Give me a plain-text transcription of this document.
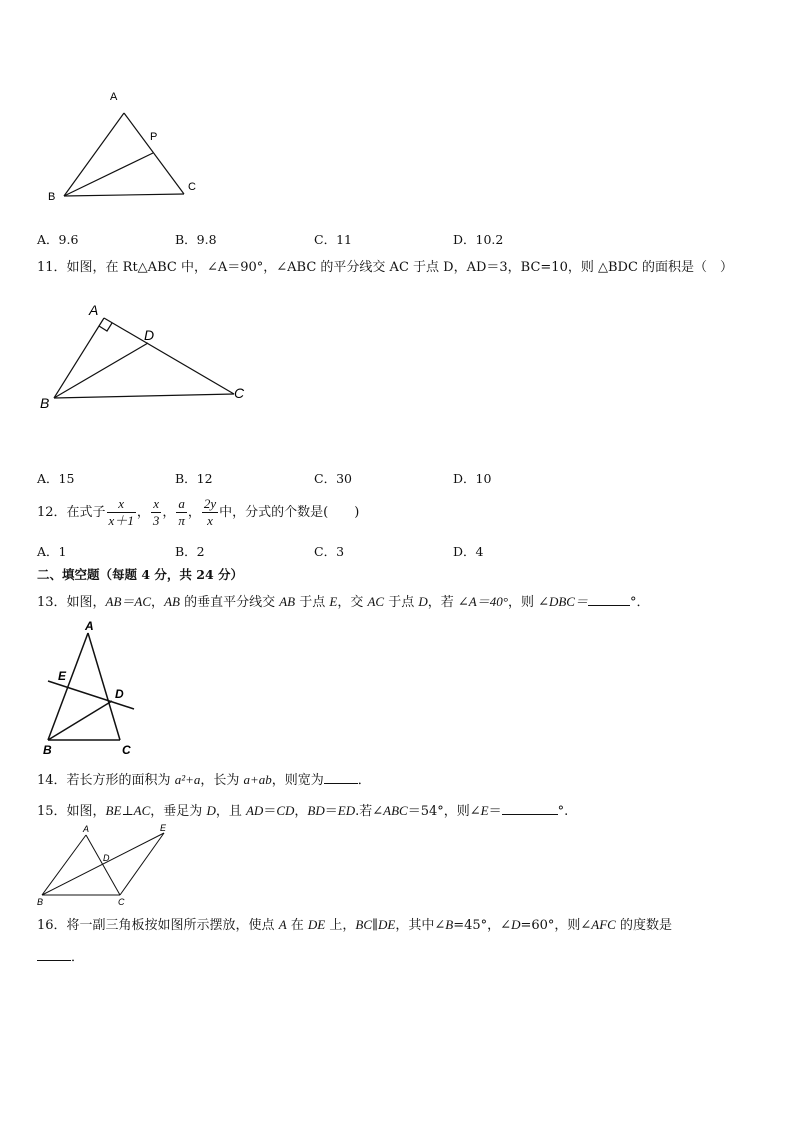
A
P
B
C
A．9.6	B．9.8	C．11	D．10.2
11．如图，在 Rt△ABC 中，∠A＝90°，∠ABC 的平分线交 AC 于点 D，AD＝3，BC=10，则 △BDC 的面积是（　）
A
D
B
C
A．15	B．12	C．30	D．10
12．在式子 $\frac{x}{x+1}$ ， $\frac{x}{3}$ ， $\frac{a}{\pi}$ ， $\frac{2y}{x}$ 中，分式的个数是(　　)
A．1	B．2	C．3	D．4
二、填空题（每题 4 分，共 24 分）
13．如图，AB＝AC，AB 的垂直平分线交 AB 于点 E，交 AC 于点 D，若 ∠A＝40°，则 ∠DBC＝	°．
A
E
D
B	C
14．若长方形的面积为 a²+a，长为 a+ab，则宽为	．
15．如图，BE⊥AC，垂足为 D，且 AD＝CD，BD＝ED.若∠ABC＝54°，则∠E＝	°.
A
D
E
B	C
16．将一副三角板按如图所示摆放，使点 A 在 DE 上，BC∥DE，其中∠B=45°，∠D=60°，则∠AFC 的度数是
．
